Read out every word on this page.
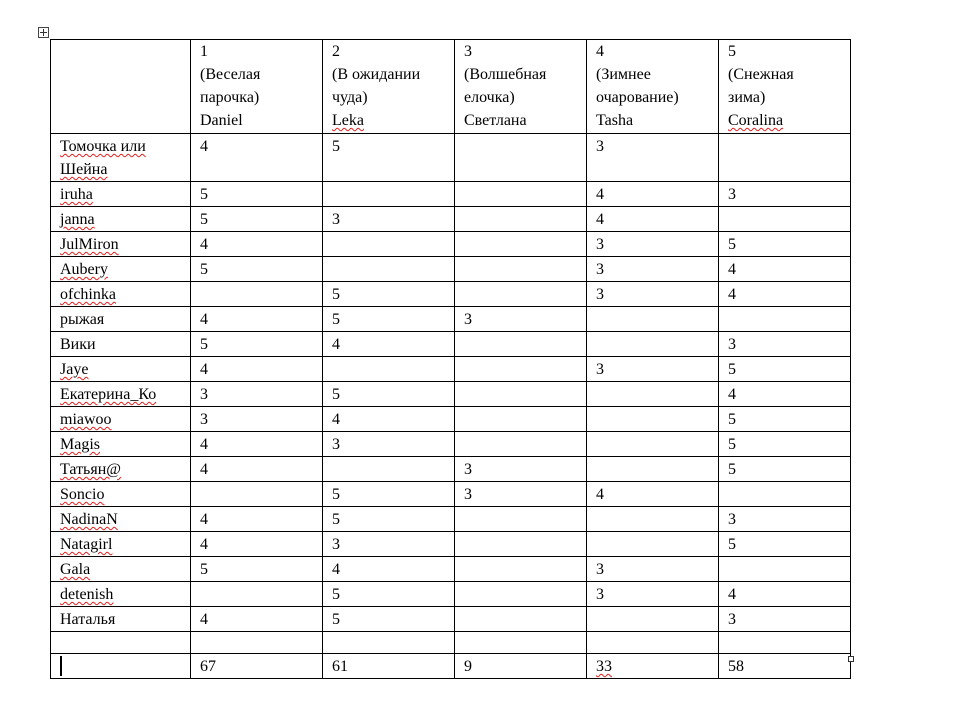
	1
(Веселая
парочка)
Daniel	2
(В ожидании
чуда)
Leka	3
(Волшебная
елочка)
Светлана	4
(Зимнее
очарование)
Tasha	5
(Снежная
зима)
Coralina

Томочка или Шейна	4	5		3	
iruha	5			4	3
janna	5	3		4	
JulMiron	4			3	5
Aubery	5			3	4
ofchinka		5		3	4
рыжая	4	5	3		
Вики	5	4			3
Jaye	4			3	5
Екатерина_Ко	3	5			4
miawoo	3	4			5
Magis	4	3			5
Татьян@	4		3		5
Soncio		5	3	4	
NadinaN	4	5			3
Natagirl	4	3			5
Gala	5	4		3	
detenish		5		3	4
Наталья	4	5			3

	67	61	9	33	58
